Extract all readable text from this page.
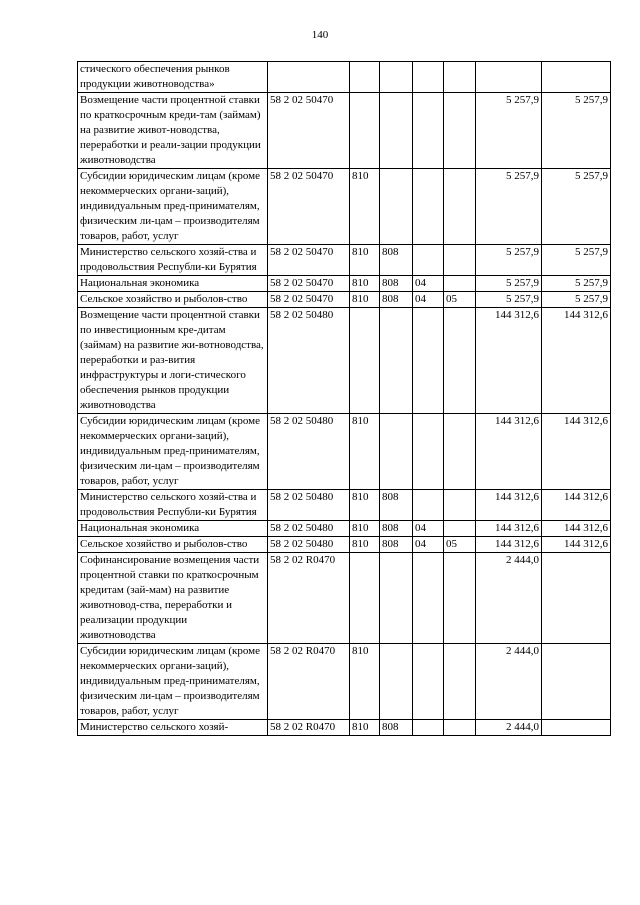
140
стического обеспечения рынков продукции животноводства»							
Возмещение части процентной ставки по краткосрочным креди-там (займам) на развитие живот-новодства, переработки и реали-зации продукции животноводства	58 2 02 50470					5 257,9	5 257,9
Субсидии юридическим лицам (кроме некоммерческих органи-заций), индивидуальным пред-принимателям, физическим ли-цам – производителям товаров, работ, услуг	58 2 02 50470	810				5 257,9	5 257,9
Министерство сельского хозяй-ства и продовольствия Республи-ки Бурятия	58 2 02 50470	810	808			5 257,9	5 257,9
Национальная экономика	58 2 02 50470	810	808	04		5 257,9	5 257,9
Сельское хозяйство и рыболов-ство	58 2 02 50470	810	808	04	05	5 257,9	5 257,9
Возмещение части процентной ставки по инвестиционным кре-дитам (займам) на развитие жи-вотноводства, переработки и раз-вития инфраструктуры и логи-стического обеспечения рынков продукции животноводства	58 2 02 50480					144 312,6	144 312,6
Субсидии юридическим лицам (кроме некоммерческих органи-заций), индивидуальным пред-принимателям, физическим ли-цам – производителям товаров, работ, услуг	58 2 02 50480	810				144 312,6	144 312,6
Министерство сельского хозяй-ства и продовольствия Республи-ки Бурятия	58 2 02 50480	810	808			144 312,6	144 312,6
Национальная экономика	58 2 02 50480	810	808	04		144 312,6	144 312,6
Сельское хозяйство и рыболов-ство	58 2 02 50480	810	808	04	05	144 312,6	144 312,6
Софинансирование возмещения части процентной ставки по краткосрочным кредитам (зай-мам) на развитие животновод-ства, переработки и реализации продукции животноводства	58 2 02 R0470					2 444,0	
Субсидии юридическим лицам (кроме некоммерческих органи-заций), индивидуальным пред-принимателям, физическим ли-цам – производителям товаров, работ, услуг	58 2 02 R0470	810				2 444,0	
Министерство сельского хозяй-	58 2 02 R0470	810	808			2 444,0	
